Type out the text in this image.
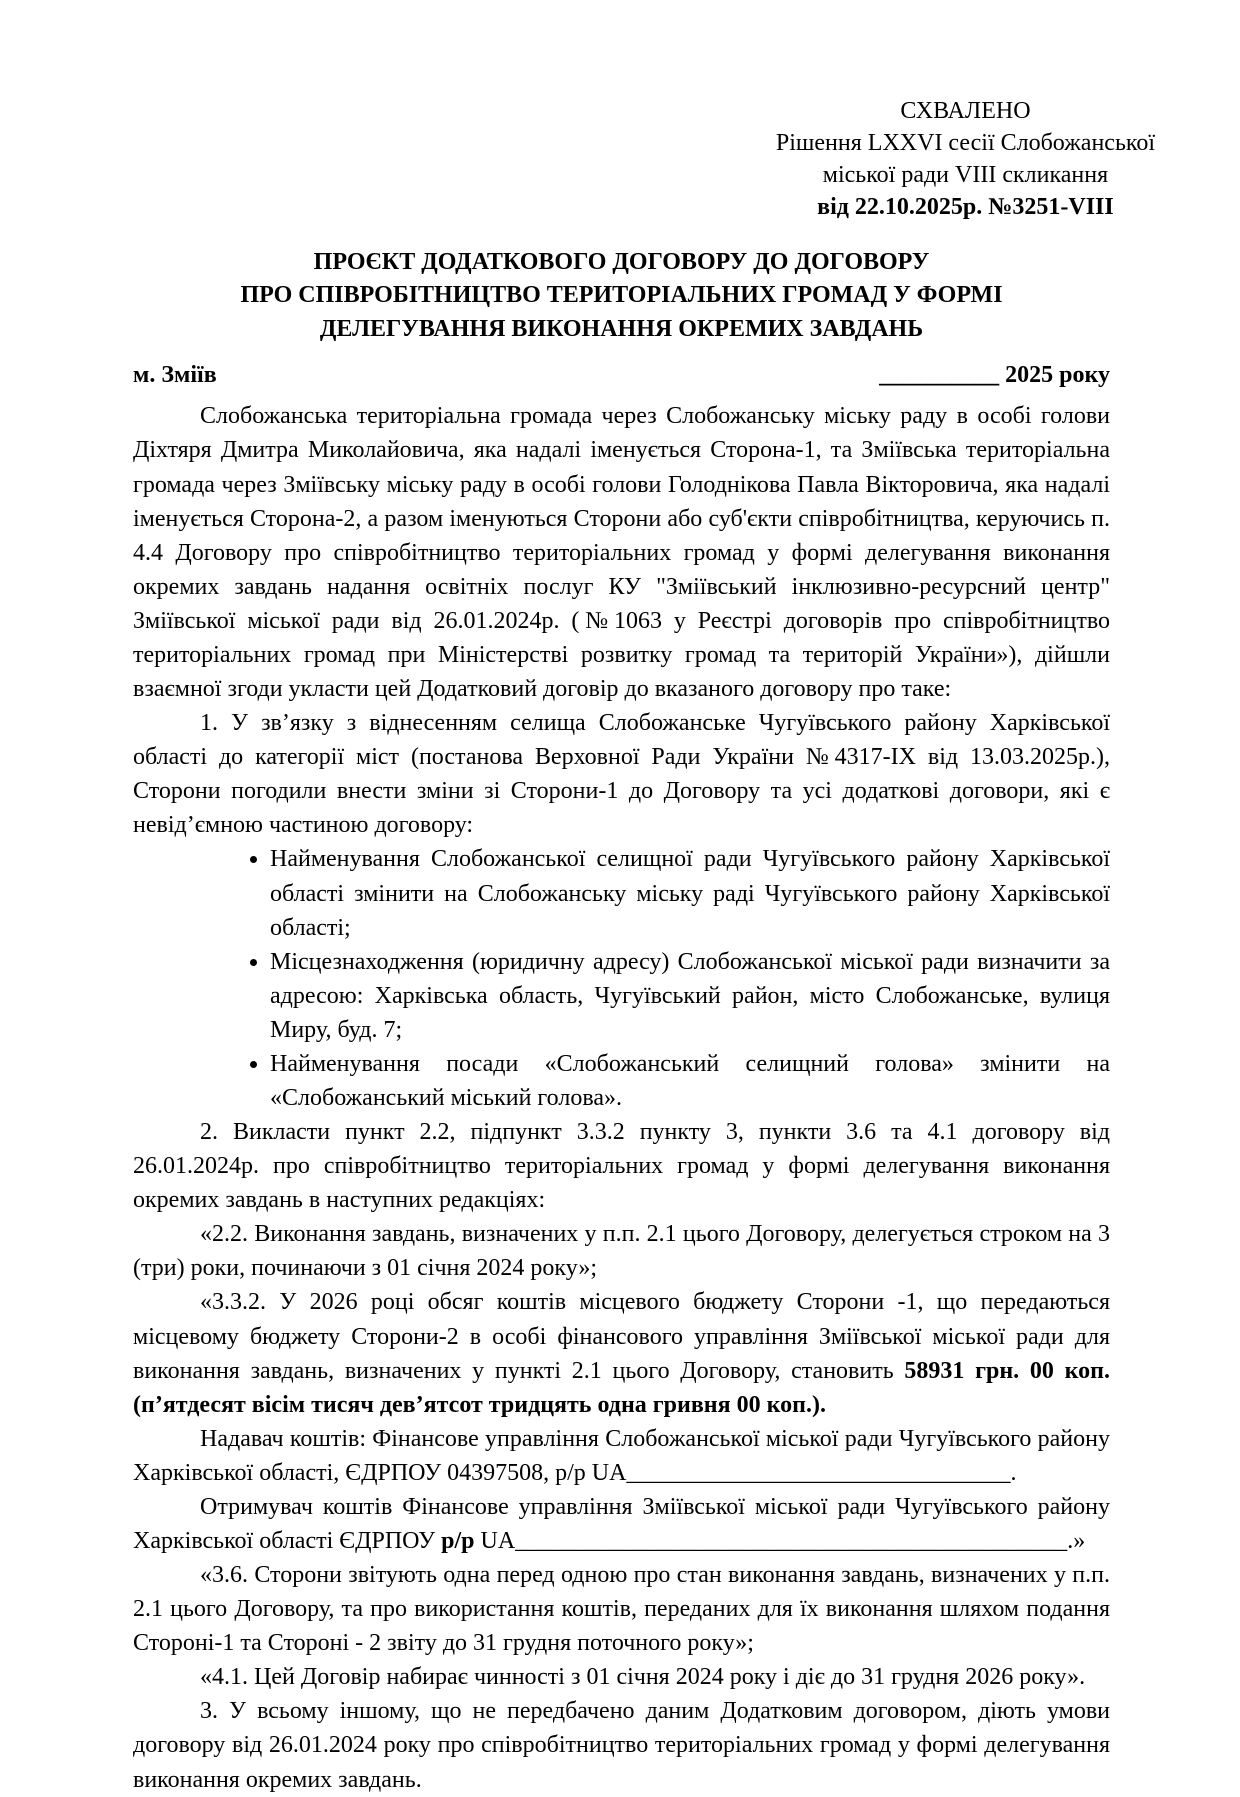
СХВАЛЕНО
Рішення LXXVI сесії Слобожанської
міської ради VIII скликання
від 22.10.2025р. №3251-VIII
ПРОЄКТ ДОДАТКОВОГО ДОГОВОРУ ДО ДОГОВОРУ
ПРО СПІВРОБІТНИЦТВО ТЕРИТОРІАЛЬНИХ ГРОМАД У ФОРМІ
ДЕЛЕГУВАННЯ ВИКОНАННЯ ОКРЕМИХ ЗАВДАНЬ
м. Зміїв	__________ 2025 року

Слобожанська територіальна громада через Слобожанську міську раду в особі голови Діхтяря Дмитра Миколайовича, яка надалі іменується Сторона-1, та Зміївська територіальна громада через Зміївську міську раду в особі голови Голоднікова Павла Вікторовича, яка надалі іменується Сторона-2, а разом іменуються Сторони або суб'єкти співробітництва, керуючись п. 4.4 Договору про співробітництво територіальних громад у формі делегування виконання окремих завдань надання освітніх послуг КУ "Зміївський інклюзивно-ресурсний центр" Зміївської міської ради від 26.01.2024р. (№1063 у Реєстрі договорів про співробітництво територіальних громад при Міністерстві розвитку громад та територій України»), дійшли взаємної згоди укласти цей Додатковий договір до вказаного договору про таке:

1. У зв’язку з віднесенням селища Слобожанське Чугуївського району Харківської області до категорії міст (постанова Верховної Ради України №4317-IX від 13.03.2025р.), Сторони погодили внести зміни зі Сторони-1 до Договору та усі додаткові договори, які є невід’ємною частиною договору:

• Найменування Слобожанської селищної ради Чугуївського району Харківської області змінити на Слобожанську міську раді Чугуївського району Харківської області;
• Місцезнаходження (юридичну адресу) Слобожанської міської ради визначити за адресою: Харківська область, Чугуївський район, місто Слобожанське, вулиця Миру, буд. 7;
• Найменування посади «Слобожанський селищний голова» змінити на «Слобожанський міський голова».

2. Викласти пункт 2.2, підпункт 3.3.2 пункту 3, пункти 3.6 та 4.1 договору від 26.01.2024р. про співробітництво територіальних громад у формі делегування виконання окремих завдань в наступних редакціях:

«2.2. Виконання завдань, визначених у п.п. 2.1 цього Договору, делегується строком на 3 (три) роки, починаючи з 01 січня 2024 року»;

«3.3.2. У 2026 році обсяг коштів місцевого бюджету Сторони -1, що передаються місцевому бюджету Сторони-2 в особі фінансового управління Зміївської міської ради для виконання завдань, визначених у пункті 2.1 цього Договору, становить 58931 грн. 00 коп. (п’ятдесят вісім тисяч дев’ятсот тридцять одна гривня 00 коп.).

Надавач коштів: Фінансове управління Слобожанської міської ради Чугуївського району Харківської області, ЄДРПОУ 04397508, р/р UA________________________________.

Отримувач коштів Фінансове управління Зміївської міської ради Чугуївського району Харківської області ЄДРПОУ р/р UA______________________________________________.»

«3.6. Сторони звітують одна перед одною про стан виконання завдань, визначених у п.п. 2.1 цього Договору, та про використання коштів, переданих для їх виконання шляхом подання Стороні-1 та Стороні - 2 звіту до 31 грудня поточного року»;

«4.1. Цей Договір набирає чинності з 01 січня 2024 року і діє до 31 грудня 2026 року».

3. У всьому іншому, що не передбачено даним Додатковим договором, діють умови договору від 26.01.2024 року про співробітництво територіальних громад у формі делегування виконання окремих завдань.
